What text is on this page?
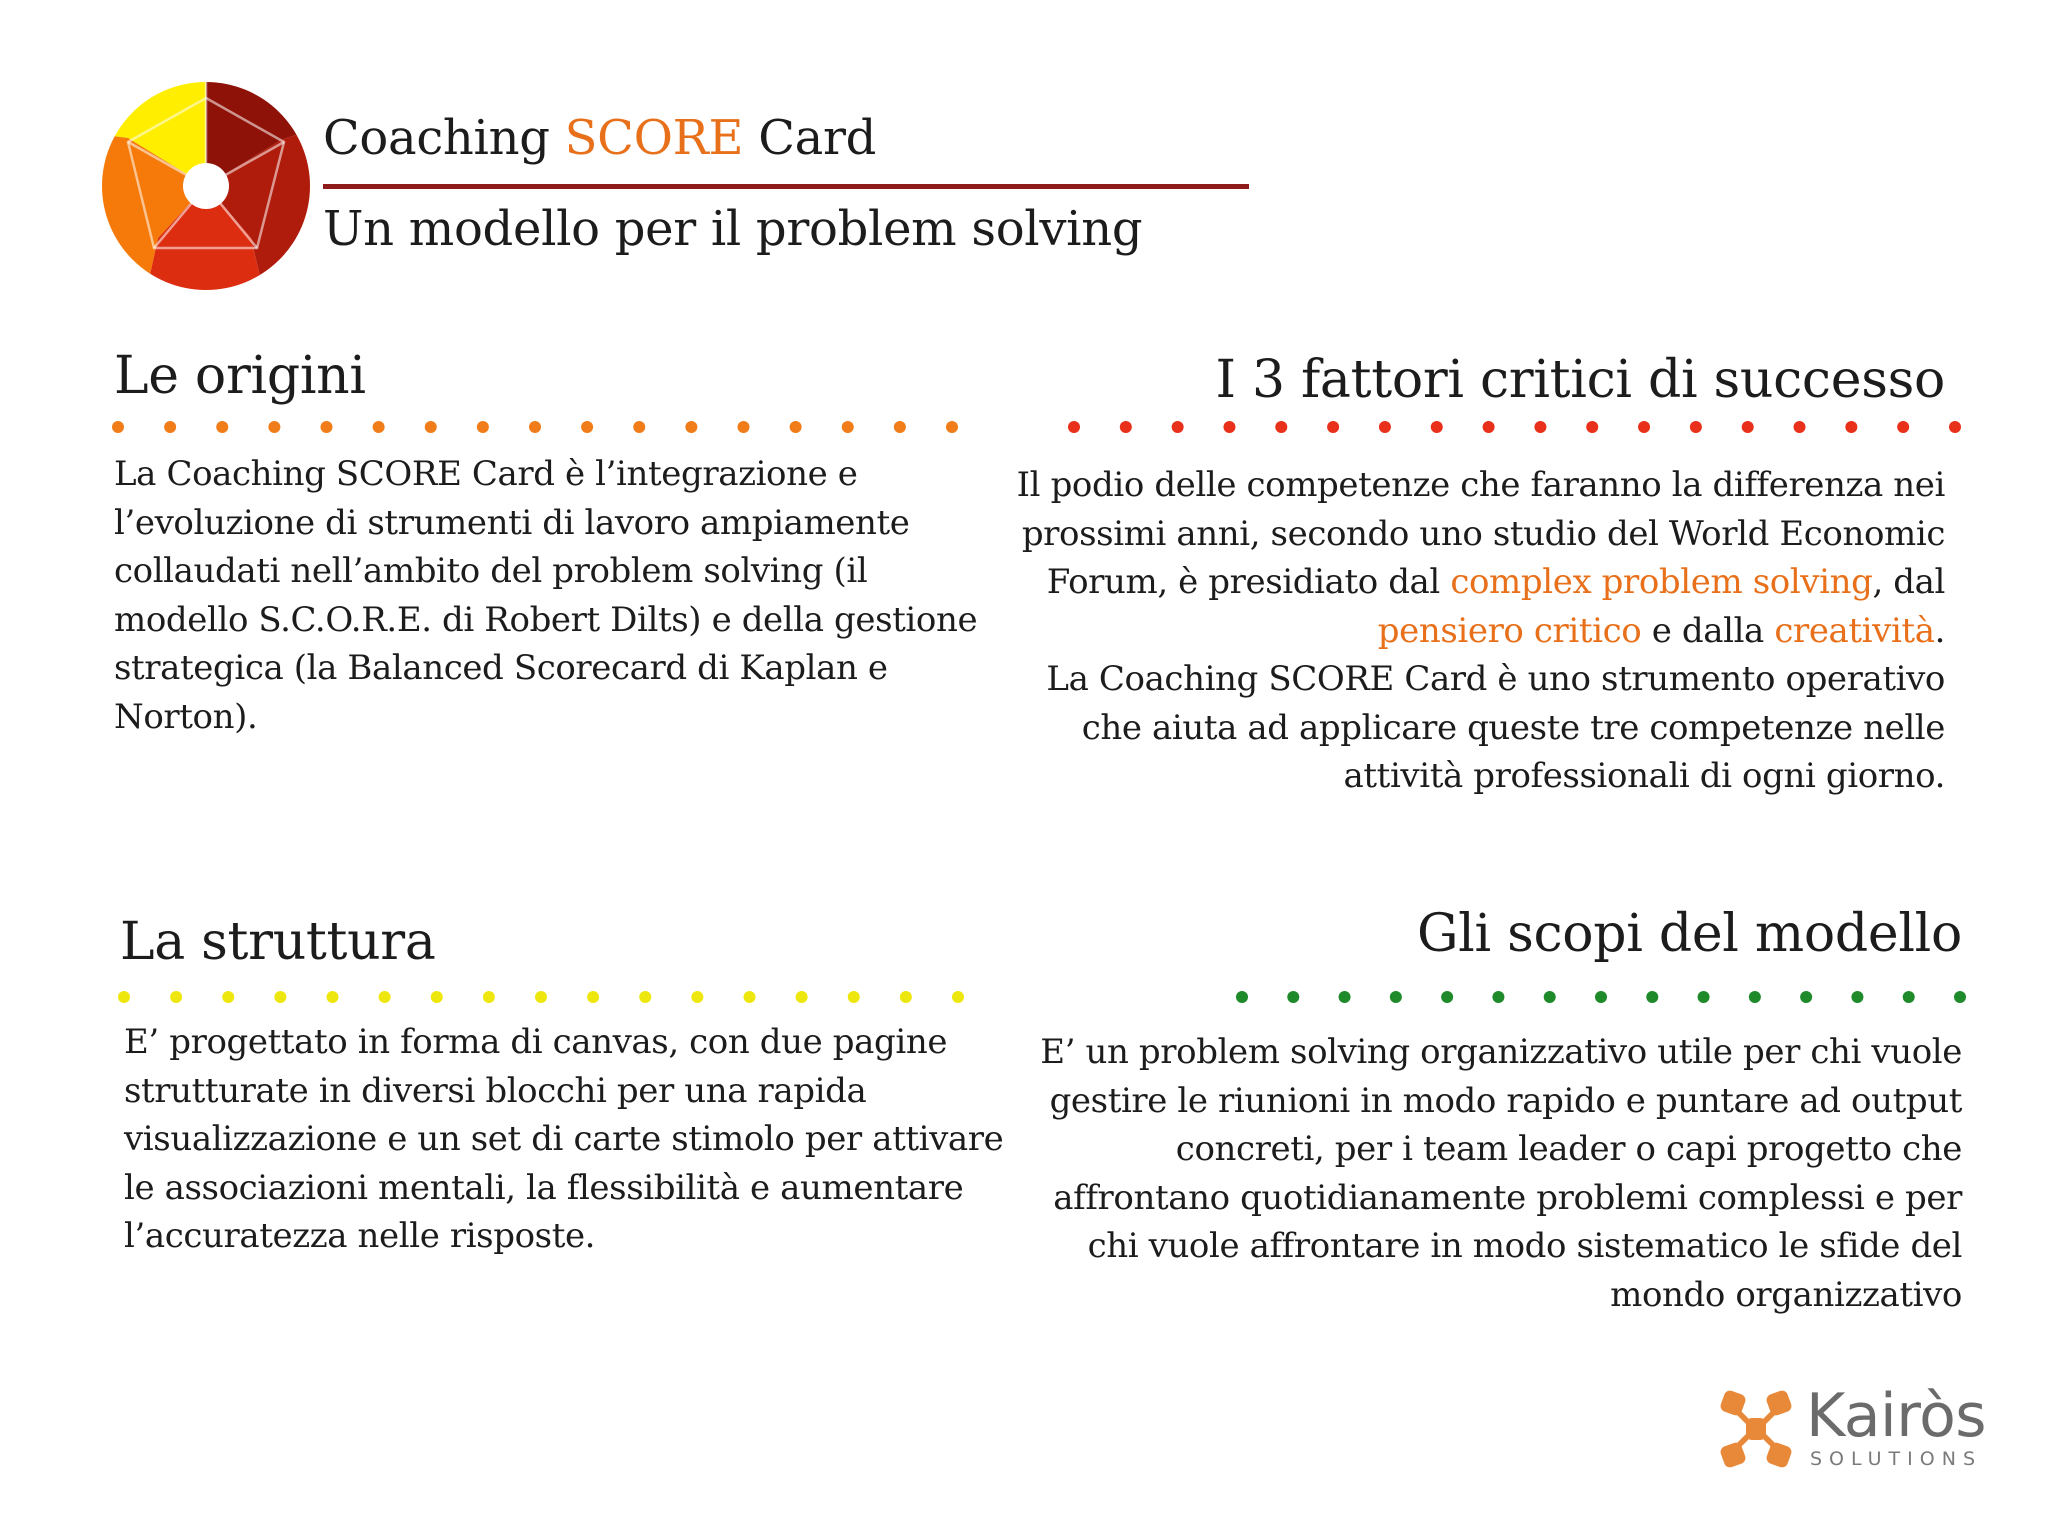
Coaching SCORE Card
Un modello per il problem solving
Le origini
La Coaching SCORE Card è l’integrazione e l’evoluzione di strumenti di lavoro ampiamente collaudati nell’ambito del problem solving (il modello S.C.O.R.E. di Robert Dilts) e della gestione strategica (la Balanced Scorecard di Kaplan e Norton).
I 3 fattori critici di successo
Il podio delle competenze che faranno la differenza nei prossimi anni, secondo uno studio del World Economic Forum, è presidiato dal complex problem solving, dal pensiero critico e dalla creatività.
La Coaching SCORE Card è uno strumento operativo che aiuta ad applicare queste tre competenze nelle attività professionali di ogni giorno.
La struttura
E’ progettato in forma di canvas, con due pagine strutturate in diversi blocchi per una rapida visualizzazione e un set di carte stimolo per attivare le associazioni mentali, la flessibilità e aumentare l’accuratezza nelle risposte.
Gli scopi del modello
E’ un problem solving organizzativo utile per chi vuole gestire le riunioni in modo rapido e puntare ad output concreti, per i team leader o capi progetto che affrontano quotidianamente problemi complessi e per chi vuole affrontare in modo sistematico le sfide del mondo organizzativo
Kairòs
SOLUTIONS
